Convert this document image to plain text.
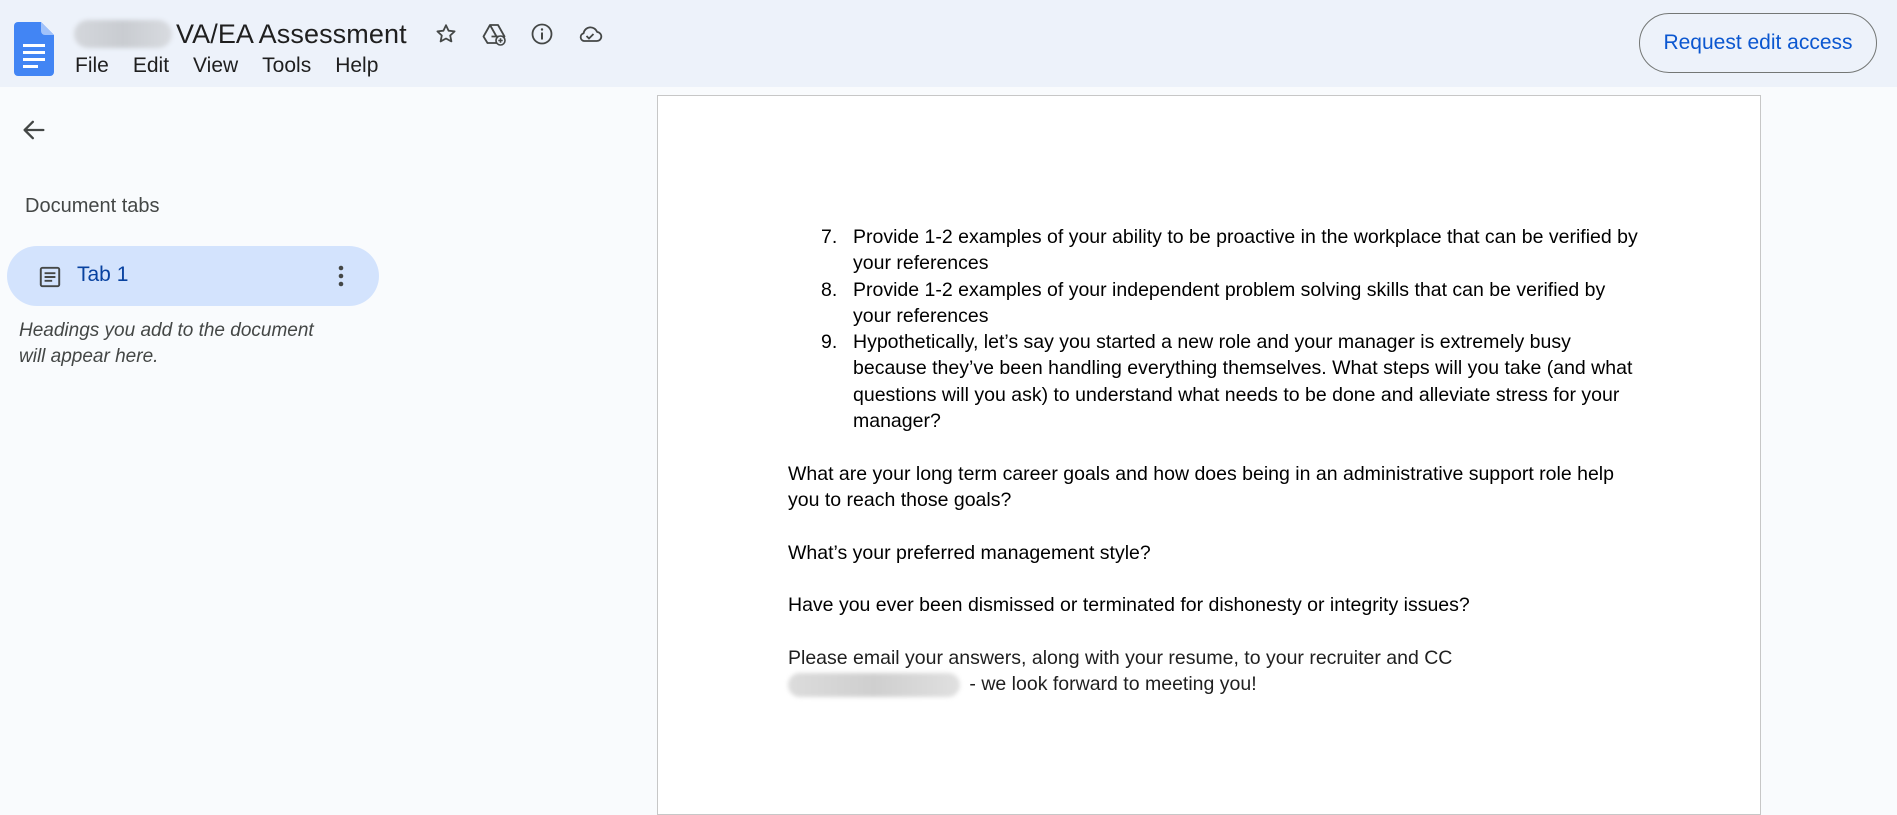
VA/EA Assessment
File	Edit	View	Tools	Help
Request edit access
Document tabs
Tab 1
Headings you add to the document will appear here.
7. Provide 1-2 examples of your ability to be proactive in the workplace that can be verified by your references
8. Provide 1-2 examples of your independent problem solving skills that can be verified by your references
9. Hypothetically, let’s say you started a new role and your manager is extremely busy because they’ve been handling everything themselves. What steps will you take (and what questions will you ask) to understand what needs to be done and alleviate stress for your manager?

What are your long term career goals and how does being in an administrative support role help you to reach those goals?

What’s your preferred management style?

Have you ever been dismissed or terminated for dishonesty or integrity issues?

Please email your answers, along with your resume, to your recruiter and CC
- we look forward to meeting you!
